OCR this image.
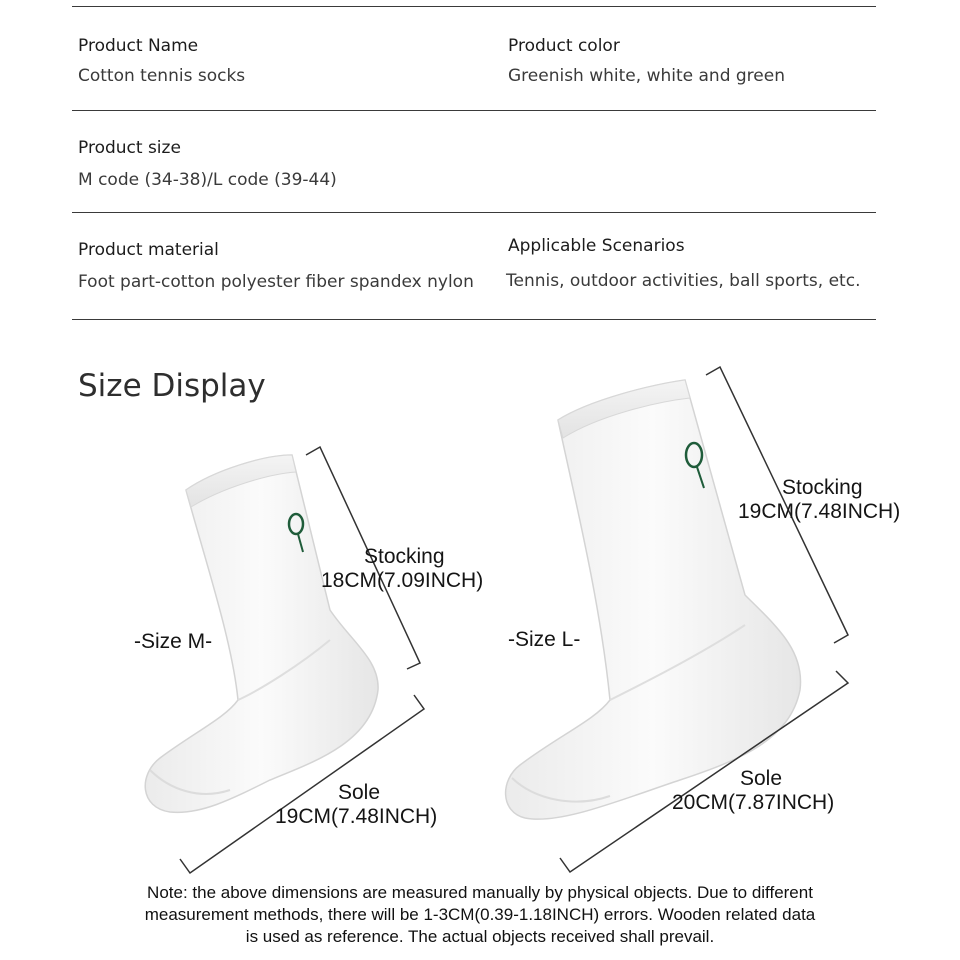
Product Name
Cotton tennis socks
Product color
Greenish white, white and green
Product size
M code (34-38)/L code (39-44)
Product material
Foot part-cotton polyester fiber spandex nylon
Applicable Scenarios
Tennis, outdoor activities, ball sports, etc.
Size Display
-Size M-
Stocking
18CM(7.09INCH)
Sole
19CM(7.48INCH)
-Size L-
Stocking
19CM(7.48INCH)
Sole
20CM(7.87INCH)
Note: the above dimensions are measured manually by physical objects. Due to different
measurement methods, there will be 1-3CM(0.39-1.18INCH) errors. Wooden related data
is used as reference. The actual objects received shall prevail.
